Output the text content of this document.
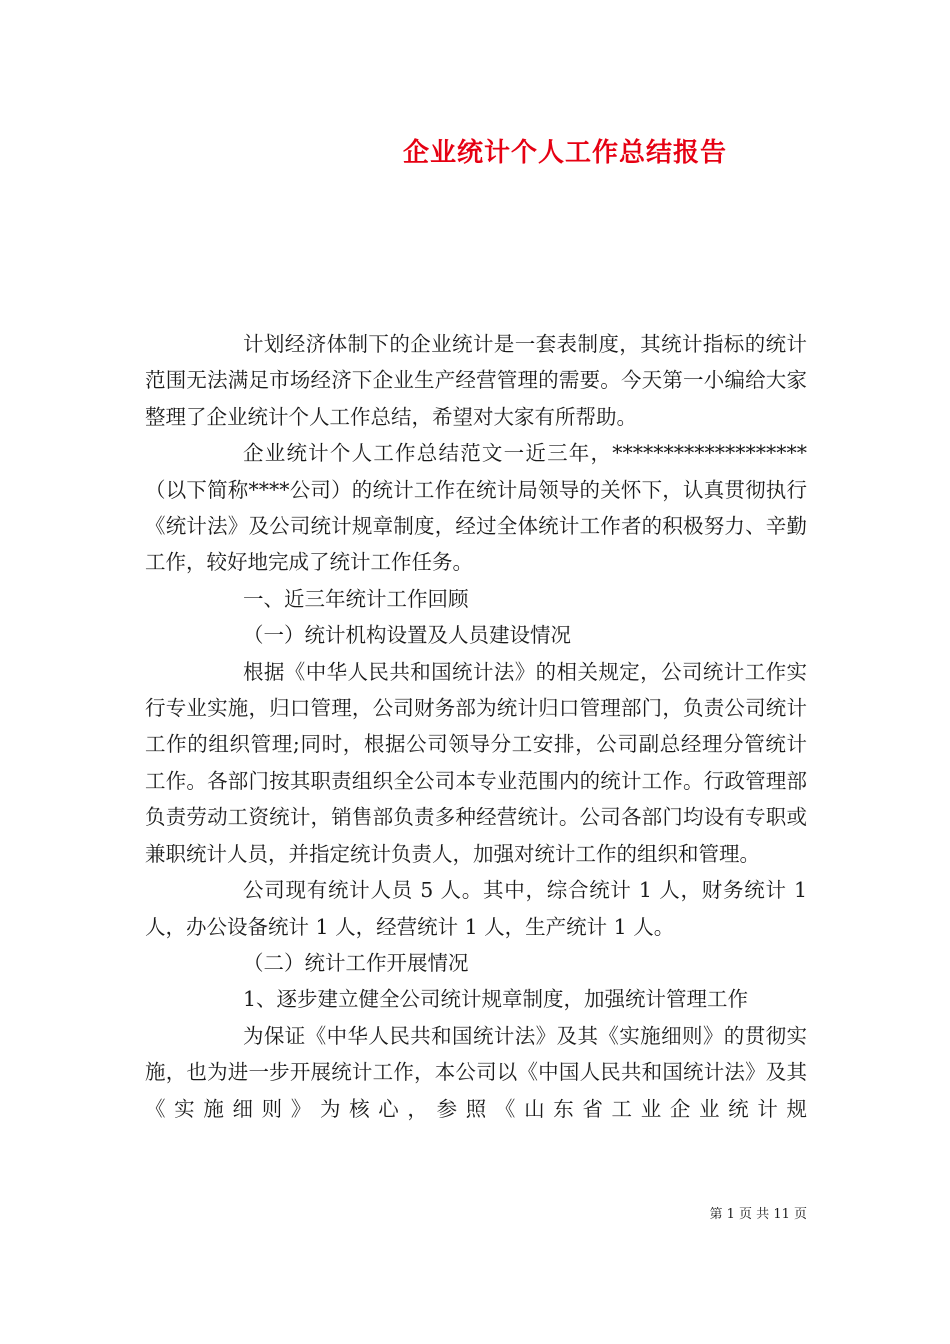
企业统计个人工作总结报告

计划经济体制下的企业统计是一套表制度，其统计指标的统计范围无法满足市场经济下企业生产经营管理的需要。今天第一小编给大家整理了企业统计个人工作总结，希望对大家有所帮助。

企业统计个人工作总结范文一近三年，*******************（以下简称****公司）的统计工作在统计局领导的关怀下，认真贯彻执行《统计法》及公司统计规章制度，经过全体统计工作者的积极努力、辛勤工作，较好地完成了统计工作任务。

一、近三年统计工作回顾

（一）统计机构设置及人员建设情况

根据《中华人民共和国统计法》的相关规定，公司统计工作实行专业实施，归口管理，公司财务部为统计归口管理部门，负责公司统计工作的组织管理;同时，根据公司领导分工安排，公司副总经理分管统计工作。各部门按其职责组织全公司本专业范围内的统计工作。行政管理部负责劳动工资统计，销售部负责多种经营统计。公司各部门均设有专职或兼职统计人员，并指定统计负责人，加强对统计工作的组织和管理。

公司现有统计人员 5 人。其中，综合统计 1 人，财务统计 1 人，办公设备统计 1 人，经营统计 1 人，生产统计 1 人。

（二）统计工作开展情况

1、逐步建立健全公司统计规章制度，加强统计管理工作

为保证《中华人民共和国统计法》及其《实施细则》的贯彻实施，也为进一步开展统计工作，本公司以《中国人民共和国统计法》及其《实施细则》为核心，参照《山东省工业企业统计规

第 1 页 共 11 页
